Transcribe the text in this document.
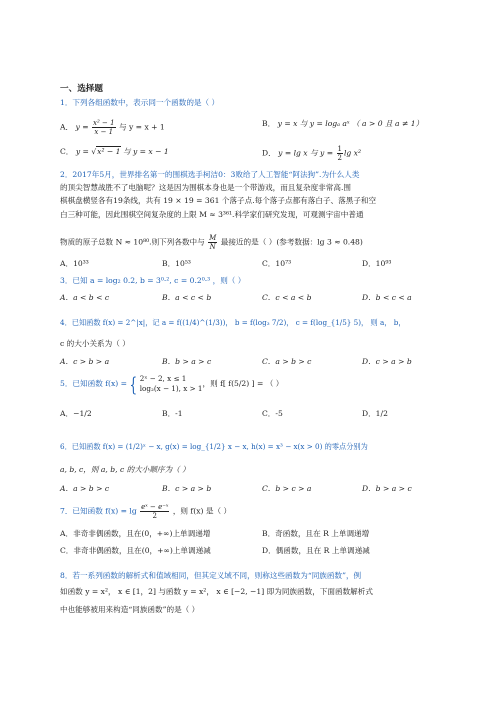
一、选择题
1．下列各组函数中，表示同一个函数的是（ ）
A． $y = \frac{\text{x² − 1}}{x - 1}$ 与 y = x + 1	B． y = x 与 y = logₐ aˣ （ a > 0 且 a ≠ 1）
C． y = √x² − 1 与 y = x − 1	D． y = lg x 与 $y = \frac{1}{2}$ lg x²
2．2017年5月，世界排名第一的围棋选手柯洁0：3败给了人工智能“阿法狗”.为什么人类
的顶尖智慧战胜不了电脑呢？这是因为围棋本身也是一个带游戏，而且复杂度非常高.围
棋棋盘横竖各有19条线，共有 19 × 19 = 361 个落子点.每个落子点都有落白子、落黑子和空
白三种可能，因此围棋空间复杂度的上限 M ≈ 3³⁶¹.科学家们研究发现，可观测宇宙中普通
物质的原子总数 N ≈ 10⁸⁰.则下列各数中与 $\frac{M}{N}$ 最接近的是（ ）(参考数据：lg 3 ≈ 0.48)
A．10³³	B．10⁵³	C．10⁷³	D．10⁹³
3．已知 a = log₂ 0.2, b = 3⁰·², c = 0.2⁰·³ ，则（ ）
A．a < b < c	B．a < c < b	C．c < a < b	D．b < c < a
4．已知函数 f(x) = 2^|x|，记 a = f((1/4)^(1/3))， b = f(log₃ 7/2)， c = f(log_{1/5} 5)， 则 a， b，
c 的大小关系为（ ）
A．c > b > a	B．b > a > c	C．a > b > c	D．c > a > b
5．已知函数 f(x) = { 2ˣ − 2, x ≤ 1
log₂(x − 1), x > 1
，则 f[ f(5/2) ] = （ ）
A．−1/2	B．-1	C．-5	D．1/2
6．已知函数 f(x) = (1/2)ˣ − x, g(x) = log_{1/2} x − x, h(x) = x³ − x(x > 0) 的零点分别为
a, b, c，则 a, b, c 的大小顺序为（ ）
A．a > b > c	B．c > a > b	C．b > c > a	D．b > a > c
7．已知函数 $f(x) = \lg \frac{\text{eˣ − e⁻ˣ}}{2}$ ，则 f(x) 是（ ）
A．非奇非偶函数，且在(0，+∞)上单调递增	B．奇函数，且在 R 上单调递增
C．非奇非偶函数，且在(0，+∞)上单调递减	D．偶函数，且在 R 上单调递减
8．若一系列函数的解析式和值域相同，但其定义域不同，则称这些函数为“同族函数”，例
如函数 y = x²， x ∈ [1，2] 与函数 y = x²， x ∈ [−2, −1] 即为同族函数，下面函数解析式
中也能够被用来构造“同族函数”的是（ ）
